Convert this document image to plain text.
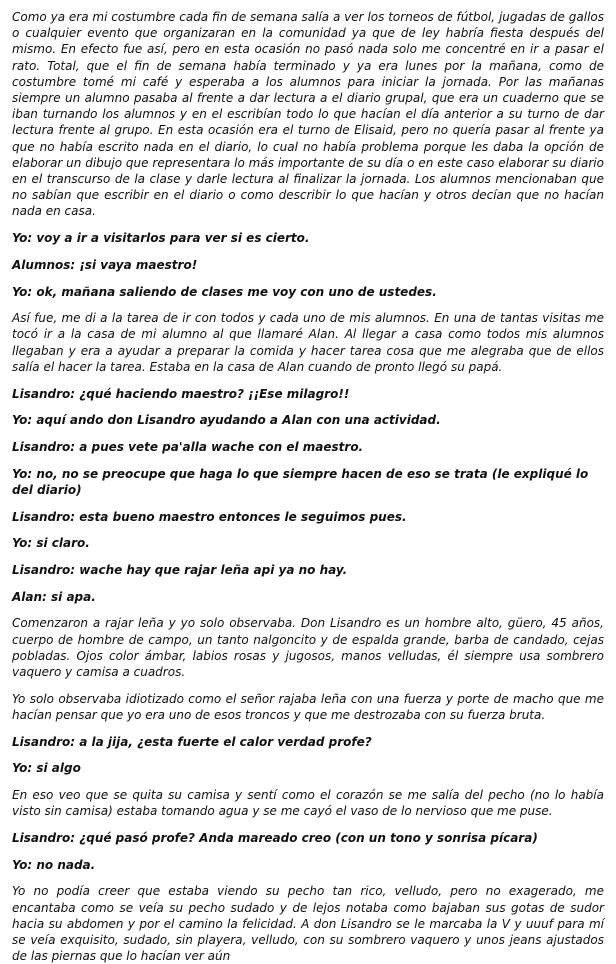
Como ya era mi costumbre cada fin de semana salía a ver los torneos de fútbol, jugadas de gallos o cualquier evento que organizaran en la comunidad ya que de ley habría fiesta después del mismo. En efecto fue así, pero en esta ocasión no pasó nada solo me concentré en ir a pasar el rato. Total, que el fin de semana había terminado y ya era lunes por la mañana, como de costumbre tomé mi café y esperaba a los alumnos para iniciar la jornada. Por las mañanas siempre un alumno pasaba al frente a dar lectura a el diario grupal, que era un cuaderno que se iban turnando los alumnos y en el escribían todo lo que hacían el día anterior a su turno de dar lectura frente al grupo. En esta ocasión era el turno de Elisaid, pero no quería pasar al frente ya que no había escrito nada en el diario, lo cual no había problema porque les daba la opción de elaborar un dibujo que representara lo más importante de su día o en este caso elaborar su diario en el transcurso de la clase y darle lectura al finalizar la jornada. Los alumnos mencionaban que no sabían que escribir en el diario o como describir lo que hacían y otros decían que no hacían nada en casa.

Yo: voy a ir a visitarlos para ver si es cierto.

Alumnos: ¡si vaya maestro!

Yo: ok, mañana saliendo de clases me voy con uno de ustedes.

Así fue, me di a la tarea de ir con todos y cada uno de mis alumnos. En una de tantas visitas me tocó ir a la casa de mi alumno al que llamaré Alan. Al llegar a casa como todos mis alumnos llegaban y era a ayudar a preparar la comida y hacer tarea cosa que me alegraba que de ellos salía el hacer la tarea. Estaba en la casa de Alan cuando de pronto llegó su papá.

Lisandro: ¿qué haciendo maestro? ¡¡Ese milagro!!

Yo: aquí ando don Lisandro ayudando a Alan con una actividad.

Lisandro: a pues vete pa'alla wache con el maestro.

Yo: no, no se preocupe que haga lo que siempre hacen de eso se trata (le expliqué lo del diario)

Lisandro: esta bueno maestro entonces le seguimos pues.

Yo: si claro.

Lisandro: wache hay que rajar leña api ya no hay.

Alan: si apa.

Comenzaron a rajar leña y yo solo observaba. Don Lisandro es un hombre alto, güero, 45 años, cuerpo de hombre de campo, un tanto nalgoncito y de espalda grande, barba de candado, cejas pobladas. Ojos color ámbar, labios rosas y jugosos, manos velludas, él siempre usa sombrero vaquero y camisa a cuadros.

Yo solo observaba idiotizado como el señor rajaba leña con una fuerza y porte de macho que me hacían pensar que yo era uno de esos troncos y que me destrozaba con su fuerza bruta.

Lisandro: a la jija, ¿esta fuerte el calor verdad profe?

Yo: si algo

En eso veo que se quita su camisa y sentí como el corazón se me salía del pecho (no lo había visto sin camisa) estaba tomando agua y se me cayó el vaso de lo nervioso que me puse.

Lisandro: ¿qué pasó profe? Anda mareado creo (con un tono y sonrisa pícara)

Yo: no nada.

Yo no podía creer que estaba viendo su pecho tan rico, velludo, pero no exagerado, me encantaba como se veía su pecho sudado y de lejos notaba como bajaban sus gotas de sudor hacia su abdomen y por el camino la felicidad. A don Lisandro se le marcaba la V y uuuf para mí se veía exquisito, sudado, sin playera, velludo, con su sombrero vaquero y unos jeans ajustados de las piernas que lo hacían ver aún
